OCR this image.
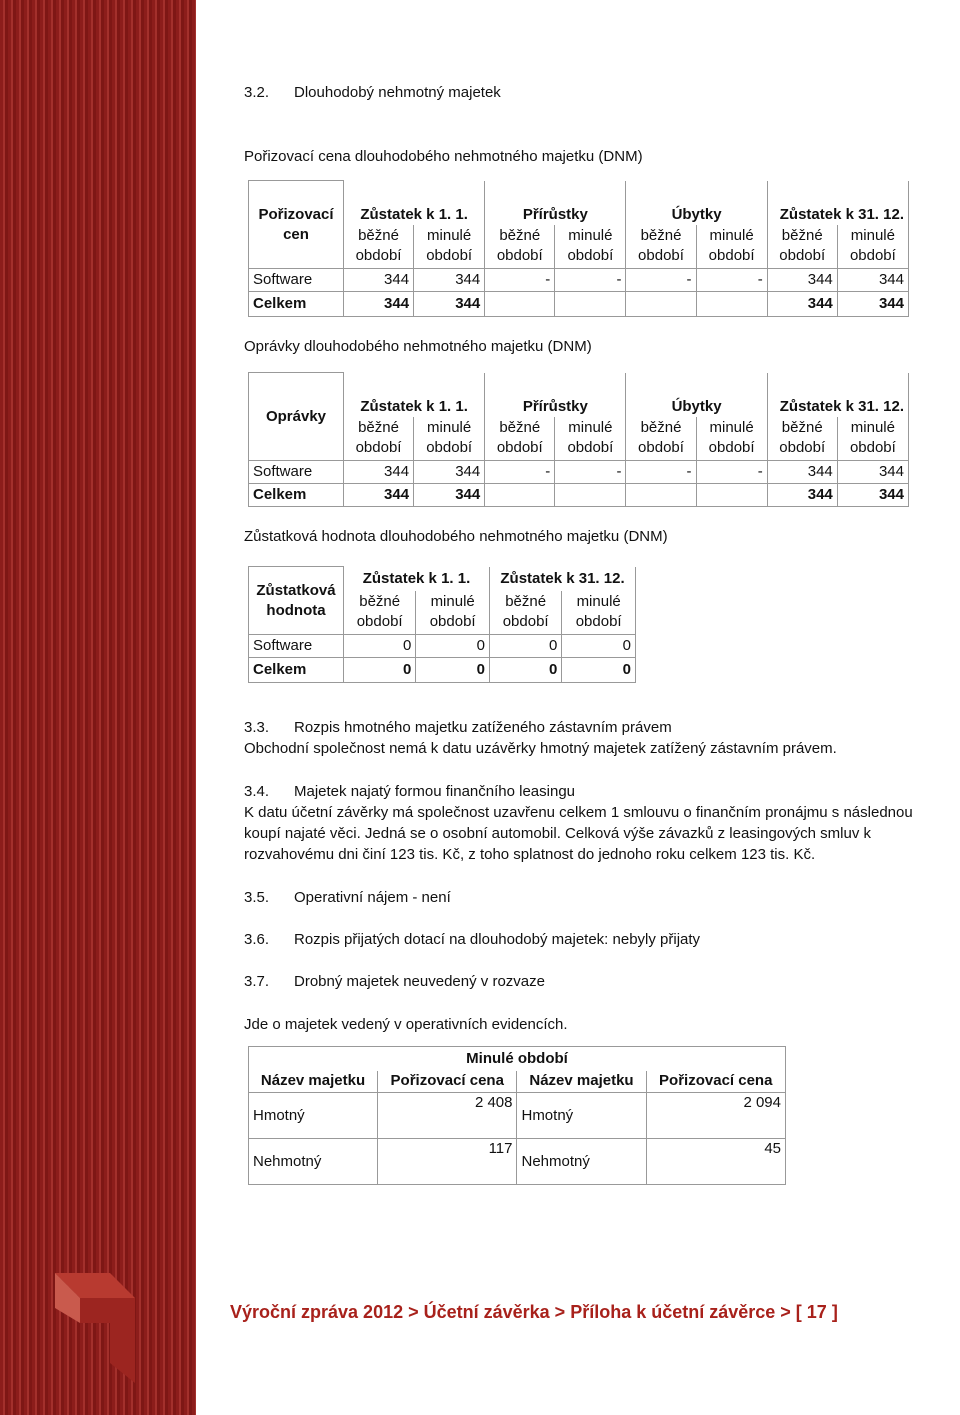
3.2. Dlouhodobý nehmotný majetek
Pořizovací cena dlouhodobého nehmotného majetku (DNM)
Pořizovací cen	Zůstatek k 1. 1.		Přírůstky		Úbytky		Zůstatek k 31. 12.	
	běžné období	minulé období	běžné období	minulé období	běžné období	minulé období	běžné období	minulé období
Software	344	344	-	-	-	-	344	344
Celkem	344	344					344	344
Oprávky dlouhodobého nehmotného majetku (DNM)
Oprávky	Zůstatek k 1. 1.		Přírůstky		Úbytky		Zůstatek k 31. 12.	
	běžné období	minulé období	běžné období	minulé období	běžné období	minulé období	běžné období	minulé období
Software	344	344	-	-	-	-	344	344
Celkem	344	344					344	344
Zůstatková hodnota dlouhodobého nehmotného majetku (DNM)
Zůstatková hodnota	Zůstatek k 1. 1.		Zůstatek k 31. 12.	
	běžné období	minulé období	běžné období	minulé období
Software	0	0	0	0
Celkem	0	0	0	0
3.3. Rozpis hmotného majetku zatíženého zástavním právem
Obchodní společnost nemá k datu uzávěrky hmotný majetek zatížený zástavním právem.
3.4. Majetek najatý formou finančního leasingu
K datu účetní závěrky má společnost uzavřenu celkem 1 smlouvu o finančním pronájmu s následnou
koupí najaté věci. Jedná se o osobní automobil. Celková výše závazků z leasingových smluv k
rozvahovému dni činí 123 tis. Kč, z toho splatnost do jednoho roku celkem 123 tis. Kč.
3.5. Operativní nájem - není
3.6. Rozpis přijatých dotací na dlouhodobý majetek: nebyly přijaty
3.7. Drobný majetek neuvedený v rozvaze
Jde o majetek vedený v operativních evidencích.
Minulé období			
Název majetku	Pořizovací cena	Název majetku	Pořizovací cena
Hmotný	2 408	Hmotný	2 094
Nehmotný	117	Nehmotný	45
Výroční zpráva 2012 > Účetní závěrka > Příloha k účetní závěrce > [ 17 ]
